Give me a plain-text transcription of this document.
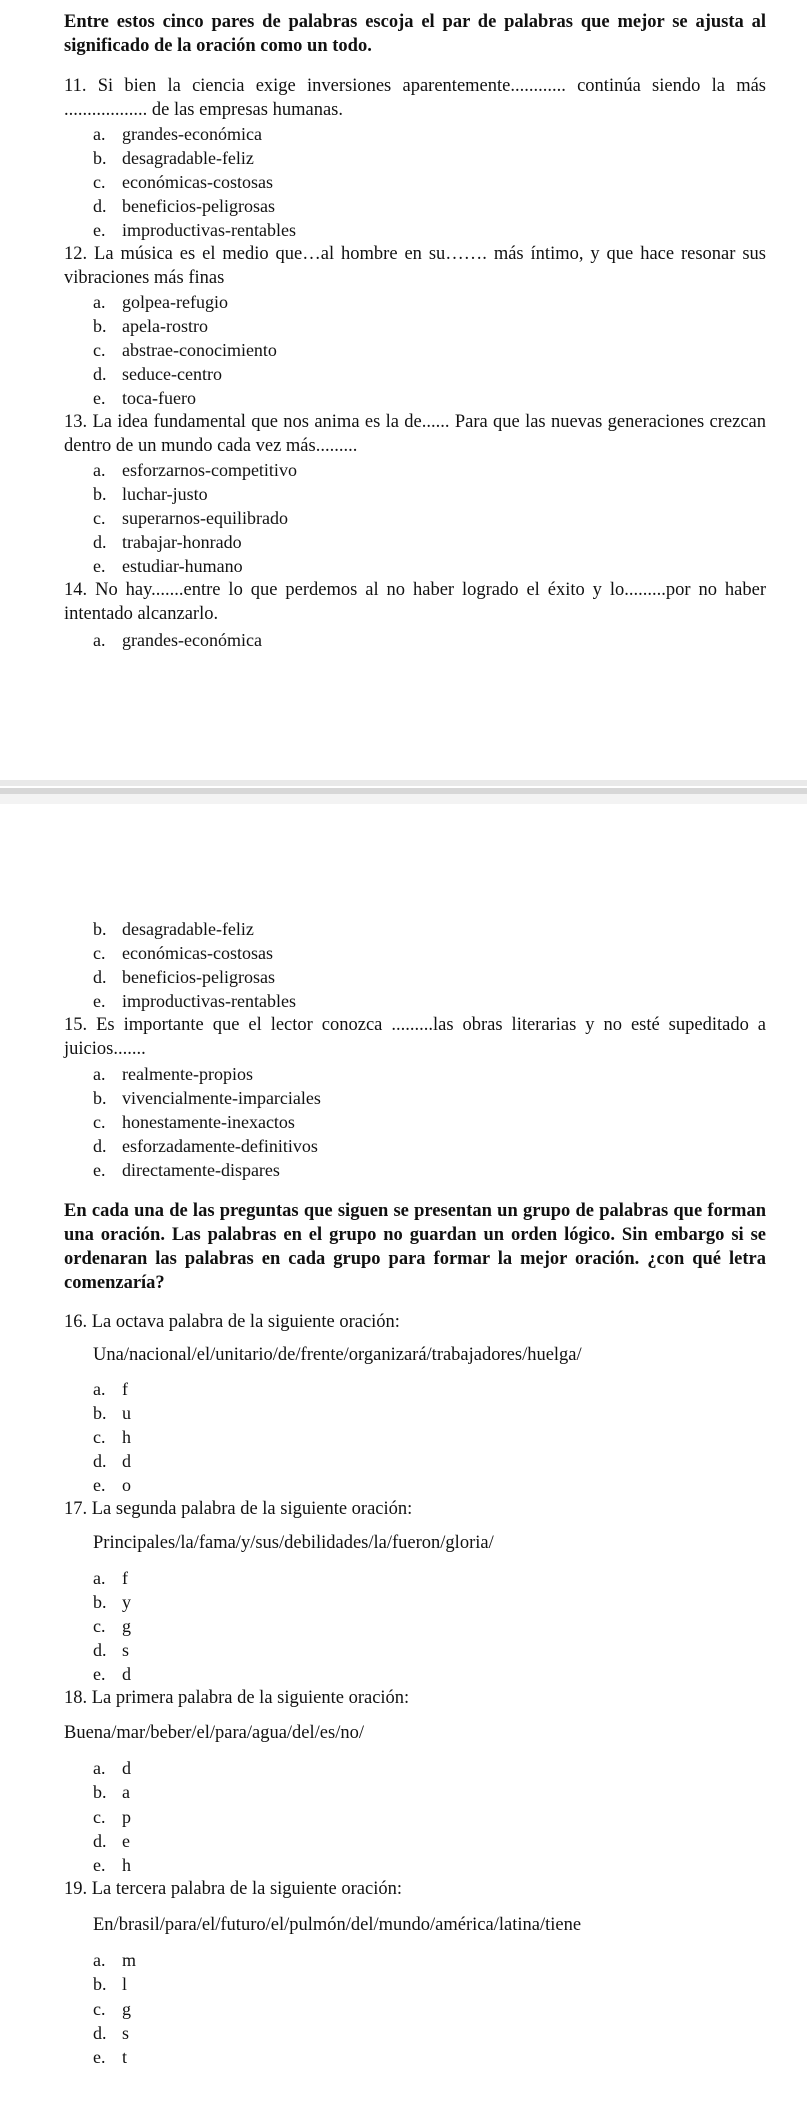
Entre estos cinco pares de palabras escoja el par de palabras que mejor se ajusta al significado de la oración como un todo.
11. Si bien la ciencia exige inversiones aparentemente............ continúa siendo la más .................. de las empresas humanas.
a. grandes-económica
b. desagradable-feliz
c. económicas-costosas
d. beneficios-peligrosas
e. improductivas-rentables
12. La música es el medio que…al hombre en su……. más íntimo, y que hace resonar sus vibraciones más finas
a. golpea-refugio
b. apela-rostro
c. abstrae-conocimiento
d. seduce-centro
e. toca-fuero
13. La idea fundamental que nos anima es la de...... Para que las nuevas generaciones crezcan dentro de un mundo cada vez más.........
a. esforzarnos-competitivo
b. luchar-justo
c. superarnos-equilibrado
d. trabajar-honrado
e. estudiar-humano
14. No hay.......entre lo que perdemos al no haber logrado el éxito y lo.........por no haber intentado alcanzarlo.
a. grandes-económica
b. desagradable-feliz
c. económicas-costosas
d. beneficios-peligrosas
e. improductivas-rentables
15. Es importante que el lector conozca .........las obras literarias y no esté supeditado a juicios.......
a. realmente-propios
b. vivencialmente-imparciales
c. honestamente-inexactos
d. esforzadamente-definitivos
e. directamente-dispares
En cada una de las preguntas que siguen se presentan un grupo de palabras que forman una oración. Las palabras en el grupo no guardan un orden lógico. Sin embargo si se ordenaran las palabras en cada grupo para formar la mejor oración. ¿con qué letra comenzaría?
16. La octava palabra de la siguiente oración:
Una/nacional/el/unitario/de/frente/organizará/trabajadores/huelga/
a. f
b. u
c. h
d. d
e. o
17. La segunda palabra de la siguiente oración:
Principales/la/fama/y/sus/debilidades/la/fueron/gloria/
a. f
b. y
c. g
d. s
e. d
18. La primera palabra de la siguiente oración:
Buena/mar/beber/el/para/agua/del/es/no/
a. d
b. a
c. p
d. e
e. h
19. La tercera palabra de la siguiente oración:
En/brasil/para/el/futuro/el/pulmón/del/mundo/américa/latina/tiene
a. m
b. l
c. g
d. s
e. t
